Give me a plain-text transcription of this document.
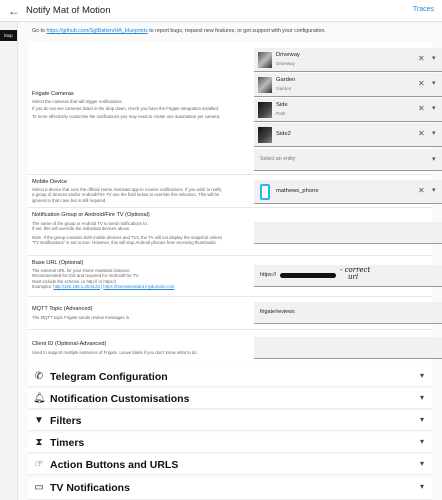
← Notify Mat of Motion	Traces
ktop
Go to https://github.com/SgtBatten/HA_blueprints to report bugs, request new features, or get support with your configuration.
Frigate Cameras

Select the cameras that will trigger notifications.

If you do not see cameras listed in the drop down, check you have the Frigate integration installed.

To more effectively customise the notifications you may need to create one automation per camera.

Driveway
Driveway
✕ ▾
Garden
Garden
✕ ▾
Side
Path
✕ ▾
Side2	✕ ▾
Select an entity	▾
Mobile Device
Select a device that runs the official Home Assistant app to receive notifications. If you wish to notify a group of devices and/or Android/Fire TV use the field below to override this selection. This will be ignored in that case but is still required.
mathews_phone	✕ ▾
Notification Group or Android/Fire TV (Optional)

The name of the group or Android TV to send notifications to.

If set, this will override the individual devices above.

Note: If the group contains both mobile devices and TVs, the TV will not display the snapshot unless "TV Notifications" is set to true. However, this will stop Android phones from receiving thumbnails.

Base URL (Optional)

The external URL for your Home Assistant instance.

Recommended for iOS and required for Android/Fire TV.

Must include the scheme i.e http:// or https://

Examples: http://192.168.1.25:8123 | https://homeassistant.mydomain.com

https://
- correct
url
MQTT Topic (Advanced)
The MQTT topic Frigate sends review messages in.
frigate/reviews
Client ID (Optional-Advanced)
Used to support multiple instances of Frigate. Leave blank if you don't know what to do.
✆ Telegram Configuration	▾
🔔︎ Notification Customisations	▾
▼ Filters	▾
⧗ Timers	▾
☞ Action Buttons and URLS	▾
▭ TV Notifications	▾
